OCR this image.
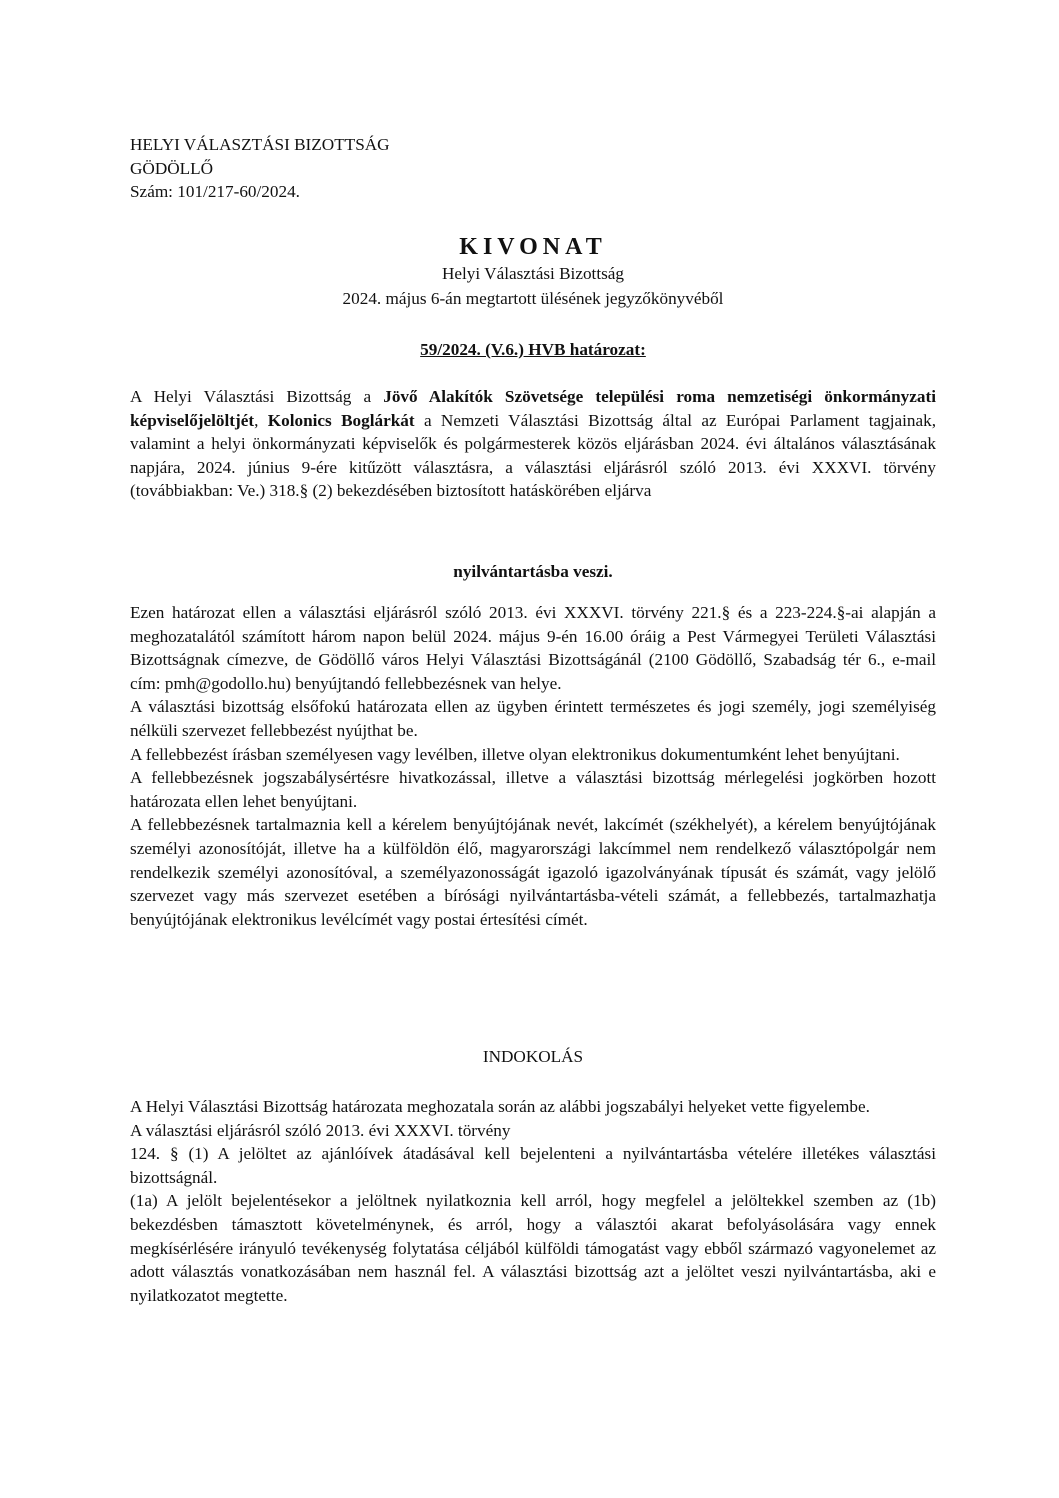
HELYI VÁLASZTÁSI BIZOTTSÁG
GÖDÖLLŐ
Szám: 101/217-60/2024.
KIVONAT
Helyi Választási Bizottság
2024. május 6-án megtartott ülésének jegyzőkönyvéből
59/2024. (V.6.) HVB határozat:

A Helyi Választási Bizottság a Jövő Alakítók Szövetsége települési roma nemzetiségi önkormányzati képviselőjelöltjét, Kolonics Boglárkát a Nemzeti Választási Bizottság által az Európai Parlament tagjainak, valamint a helyi önkormányzati képviselők és polgármesterek közös eljárásban 2024. évi általános választásának napjára, 2024. június 9-ére kitűzött választásra, a választási eljárásról szóló 2013. évi XXXVI. törvény (továbbiakban: Ve.) 318.§ (2) bekezdésében biztosított hatáskörében eljárva

nyilvántartásba veszi.

Ezen határozat ellen a választási eljárásról szóló 2013. évi XXXVI. törvény 221.§ és a 223-224.§-ai alapján a meghozatalától számított három napon belül 2024. május 9-én 16.00 óráig a Pest Vármegyei Területi Választási Bizottságnak címezve, de Gödöllő város Helyi Választási Bizottságánál (2100 Gödöllő, Szabadság tér 6., e-mail cím: pmh@godollo.hu) benyújtandó fellebbezésnek van helye.

A választási bizottság elsőfokú határozata ellen az ügyben érintett természetes és jogi személy, jogi személyiség nélküli szervezet fellebbezést nyújthat be.

A fellebbezést írásban személyesen vagy levélben, illetve olyan elektronikus dokumentumként lehet benyújtani.

A fellebbezésnek jogszabálysértésre hivatkozással, illetve a választási bizottság mérlegelési jogkörben hozott határozata ellen lehet benyújtani.

A fellebbezésnek tartalmaznia kell a kérelem benyújtójának nevét, lakcímét (székhelyét), a kérelem benyújtójának személyi azonosítóját, illetve ha a külföldön élő, magyarországi lakcímmel nem rendelkező választópolgár nem rendelkezik személyi azonosítóval, a személyazonosságát igazoló igazolványának típusát és számát, vagy jelölő szervezet vagy más szervezet esetében a bírósági nyilvántartásba-vételi számát, a fellebbezés, tartalmazhatja benyújtójának elektronikus levélcímét vagy postai értesítési címét.

INDOKOLÁS

A Helyi Választási Bizottság határozata meghozatala során az alábbi jogszabályi helyeket vette figyelembe.

A választási eljárásról szóló 2013. évi XXXVI. törvény

124. § (1) A jelöltet az ajánlóívek átadásával kell bejelenteni a nyilvántartásba vételére illetékes választási bizottságnál.

(1a) A jelölt bejelentésekor a jelöltnek nyilatkoznia kell arról, hogy megfelel a jelöltekkel szemben az (1b) bekezdésben támasztott követelménynek, és arról, hogy a választói akarat befolyásolására vagy ennek megkísérlésére irányuló tevékenység folytatása céljából külföldi támogatást vagy ebből származó vagyonelemet az adott választás vonatkozásában nem használ fel. A választási bizottság azt a jelöltet veszi nyilvántartásba, aki e nyilatkozatot megtette.
